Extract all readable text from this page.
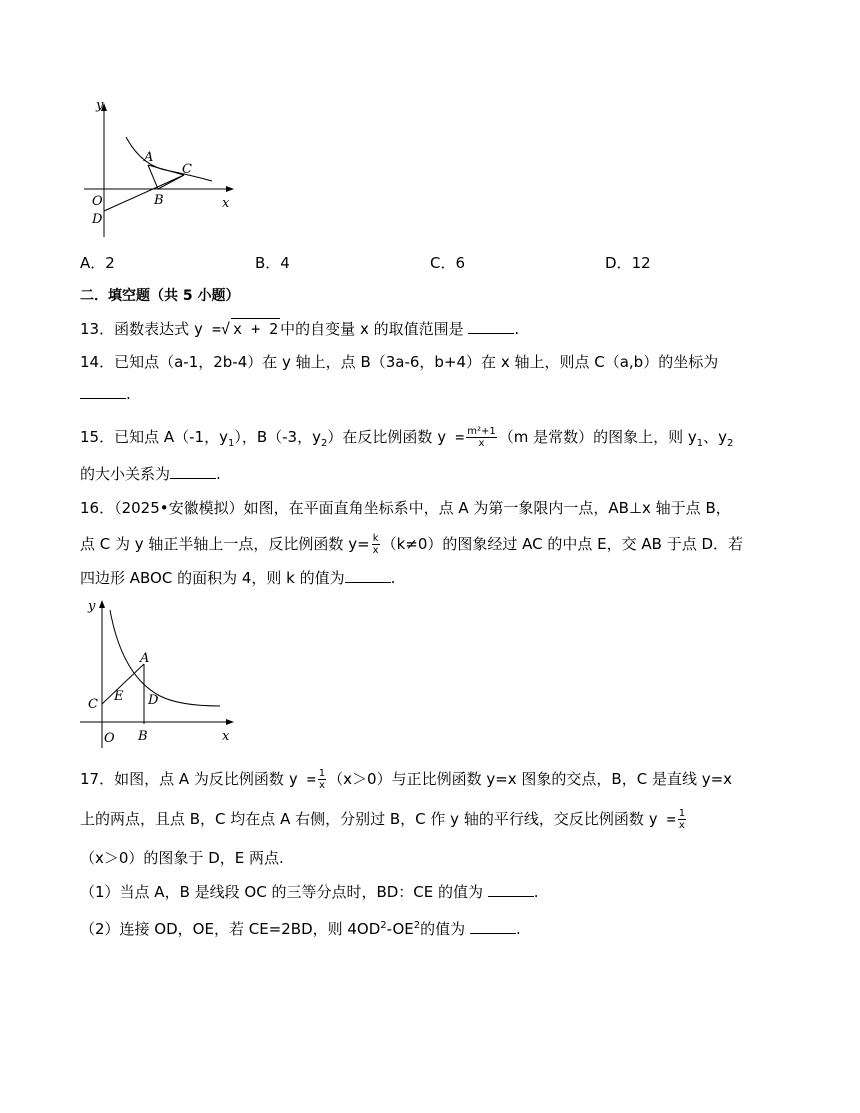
y
x
O
A
B
C
D
A．2	B．4	C．6	D．12
二．填空题（共 5 小题）
13．函数表达式 y =√ x + 2 中的自变量 x 的取值范围是	.
14．已知点（a-1，2b-4）在 y 轴上，点 B（3a-6，b+4）在 x 轴上，则点 C（a,b）的坐标为
.
15．已知点 A（-1，$y_1$），B（-3，$y_2$）在反比例函数 $y = \frac{\text{m²+1}}{x} (m$ 是常数）的图象上，则 $y_1$、$y_2$
的大小关系为	.
16．（2025•安徽模拟）如图，在平面直角坐标系中，点 A 为第一象限内一点，AB⊥x 轴于点 B，
点 C 为 y 轴正半轴上一点，反比例函数 $y= \frac{k}{x} (k\ne 0)$的图象经过 AC 的中点 E，交 AB 于点 D．若
四边形 ABOC 的面积为 4，则 k 的值为	.
y
x
O
A
B
C	D
E
17．如图，点 A 为反比例函数 $y = \frac{1}{x} (x>0)$与正比例函数 y=x 图象的交点，B，C 是直线 y=x
上的两点，且点 B，C 均在点 A 右侧，分别过 B，C 作 y 轴的平行线，交反比例函数 $y = \frac{1}{x}$
（x＞0）的图象于 D，E 两点.
（1）当点 A，B 是线段 OC 的三等分点时，BD：CE 的值为	.
（2）连接 OD，OE，若 CE=2BD，则 $4OD^2-OE^2$的值为	.
